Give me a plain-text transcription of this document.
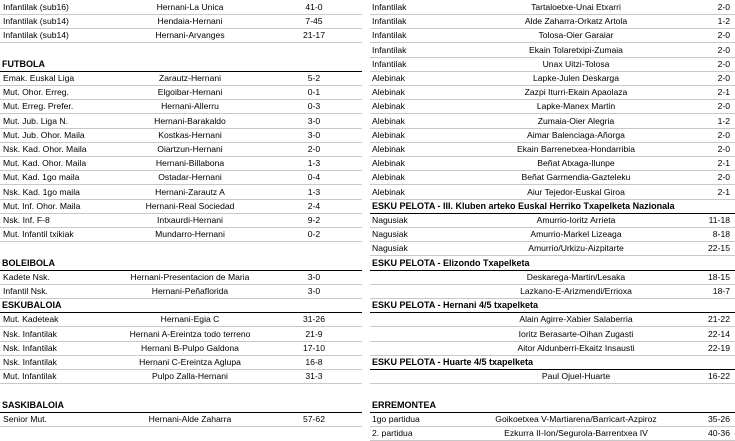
Infantilak (sub16)	Hernani-La Unica	41-0
Infantilak (sub14)	Hendaia-Hernani	7-45
Infantilak (sub14)	Hernani-Arvanges	21-17
FUTBOLA
Emak. Euskal Liga	Zarautz-Hernani	5-2
Mut. Ohor. Erreg.	Elgoibar-Hernani	0-1
Mut. Erreg. Prefer.	Hernani-Allerru	0-3
Mut. Jub. Liga N.	Hernani-Barakaldo	3-0
Mut. Jub. Ohor. Maila	Kostkas-Hernani	3-0
Nsk. Kad. Ohor. Maila	Oiartzun-Hernani	2-0
Mut. Kad. Ohor. Maila	Hernani-Billabona	1-3
Mut. Kad. 1go maila	Ostadar-Hernani	0-4
Nsk. Kad. 1go maila	Hernani-Zarautz A	1-3
Mut. Inf. Ohor. Maila	Hernani-Real Sociedad	2-4
Nsk. Inf. F-8	Intxaurdi-Hernani	9-2
Mut. Infantil txikiak	Mundarro-Hernani	0-2
BOLEIBOLA
Kadete Nsk.	Hernani-Presentacion de Maria	3-0
Infantil Nsk.	Hernani-Peñaflorida	3-0
ESKUBALOIA
Mut. Kadeteak	Hernani-Egia C	31-26
Nsk. Infantilak	Hernani A-Ereintza todo terreno	21-9
Nsk. Infantilak	Hernani B-Pulpo Galdona	17-10
Nsk. Infantilak	Hernani C-Ereintza Aglupa	16-8
Mut. Infantilak	Pulpo Zalla-Hernani	31-3
SASKIBALOIA
Senior Mut.	Hernani-Alde Zaharra	57-62
Infantilak	Tartaloetxe-Unai Etxarri	2-0
Infantilak	Alde Zaharra-Orkatz Artola	1-2
Infantilak	Tolosa-Oier Garaiar	2-0
Infantilak	Ekain Tolaretxipi-Zumaia	2-0
Infantilak	Unax Uitzi-Tolosa	2-0
Alebinak	Lapke-Julen Deskarga	2-0
Alebinak	Zazpi Iturri-Ekain Apaolaza	2-1
Alebinak	Lapke-Manex Martin	2-0
Alebinak	Zumaia-Oier Alegria	1-2
Alebinak	Aimar Balenciaga-Añorga	2-0
Alebinak	Ekain Barrenetxea-Hondarribia	2-0
Alebinak	Beñat Atxaga-Ilunpe	2-1
Alebinak	Beñat Garmendia-Gazteleku	2-0
Alebinak	Aiur Tejedor-Euskal Giroa	2-1
ESKU PELOTA - III. Kluben arteko Euskal Herriko Txapelketa Nazionala
Nagusiak	Amurrio-Ioritz Arrieta	11-18
Nagusiak	Amurrio-Markel Lizeaga	8-18
Nagusiak	Amurrio/Urkizu-Aizpitarte	22-15
ESKU PELOTA - Elizondo Txapelketa
Deskarega-Martin/Lesaka	18-15
Lazkano-E-Arizmendi/Errioxa	18-7
ESKU PELOTA - Hernani 4/5 txapelketa
Alain Agirre-Xabier Salaberria	21-22
Ioritz Berasarte-Oihan Zugasti	22-14
Aitor Aldunberri-Ekaitz Insausti	22-19
ESKU PELOTA - Huarte 4/5 txapelketa
Paul Ojuel-Huarte	16-22
ERREMONTEA
1go partidua	Goikoetxea V-Martiarena/Barricart-Azpiroz	35-26
2. partidua	Ezkurra II-Ion/Segurola-Barrentxea IV	40-36
